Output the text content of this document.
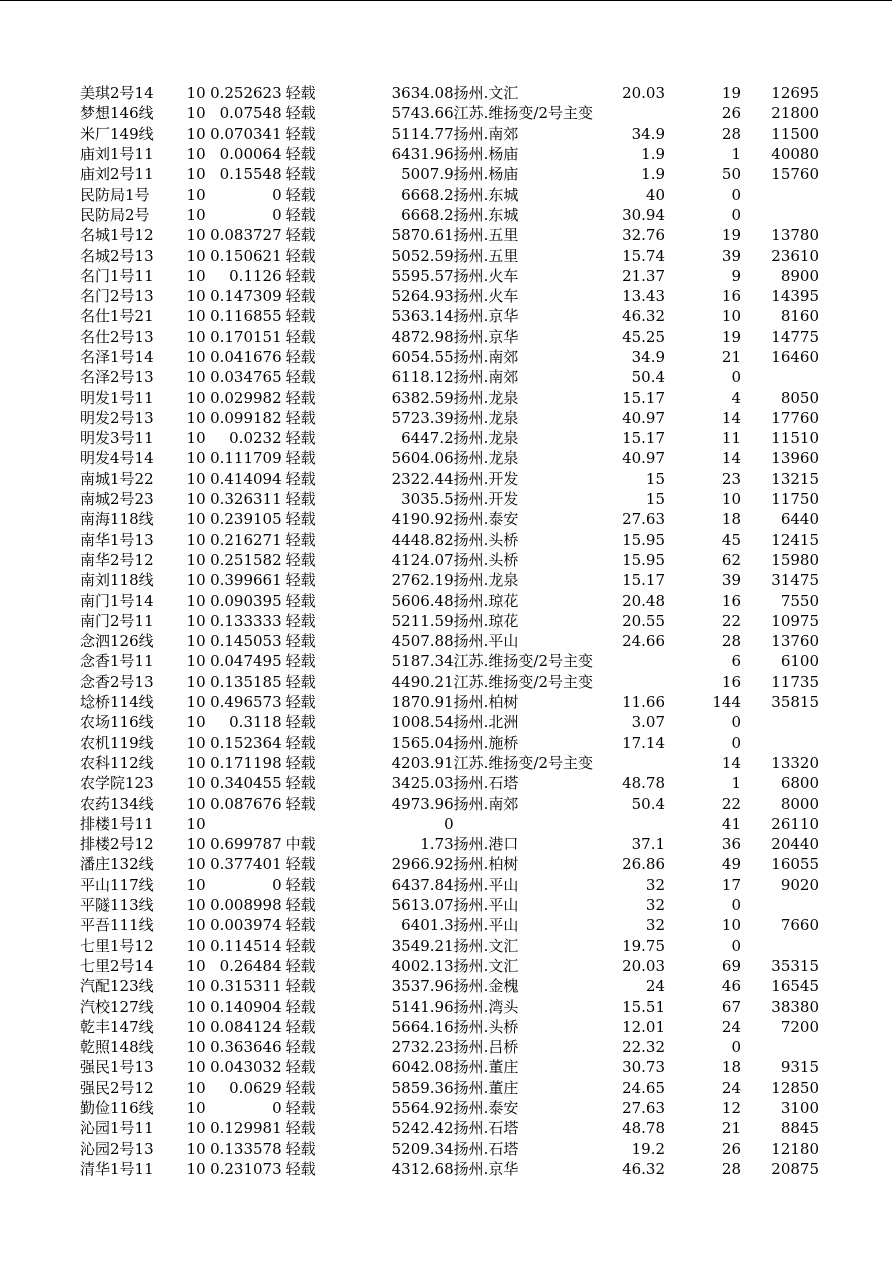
美琪2号14	10	0.252623	轻载	3634.08	扬州.文汇	20.03	19	12695
梦想146线	10	0.07548	轻载	5743.66	江苏.维扬变/2号主变		26	21800
米厂149线	10	0.070341	轻载	5114.77	扬州.南郊	34.9	28	11500
庙刘1号11	10	0.00064	轻载	6431.96	扬州.杨庙	1.9	1	40080
庙刘2号11	10	0.15548	轻载	5007.9	扬州.杨庙	1.9	50	15760
民防局1号	10	0	轻载	6668.2	扬州.东城	40	0	
民防局2号	10	0	轻载	6668.2	扬州.东城	30.94	0	
名城1号12	10	0.083727	轻载	5870.61	扬州.五里	32.76	19	13780
名城2号13	10	0.150621	轻载	5052.59	扬州.五里	15.74	39	23610
名门1号11	10	0.1126	轻载	5595.57	扬州.火车	21.37	9	8900
名门2号13	10	0.147309	轻载	5264.93	扬州.火车	13.43	16	14395
名仕1号21	10	0.116855	轻载	5363.14	扬州.京华	46.32	10	8160
名仕2号13	10	0.170151	轻载	4872.98	扬州.京华	45.25	19	14775
名泽1号14	10	0.041676	轻载	6054.55	扬州.南郊	34.9	21	16460
名泽2号13	10	0.034765	轻载	6118.12	扬州.南郊	50.4	0	
明发1号11	10	0.029982	轻载	6382.59	扬州.龙泉	15.17	4	8050
明发2号13	10	0.099182	轻载	5723.39	扬州.龙泉	40.97	14	17760
明发3号11	10	0.0232	轻载	6447.2	扬州.龙泉	15.17	11	11510
明发4号14	10	0.111709	轻载	5604.06	扬州.龙泉	40.97	14	13960
南城1号22	10	0.414094	轻载	2322.44	扬州.开发	15	23	13215
南城2号23	10	0.326311	轻载	3035.5	扬州.开发	15	10	11750
南海118线	10	0.239105	轻载	4190.92	扬州.泰安	27.63	18	6440
南华1号13	10	0.216271	轻载	4448.82	扬州.头桥	15.95	45	12415
南华2号12	10	0.251582	轻载	4124.07	扬州.头桥	15.95	62	15980
南刘118线	10	0.399661	轻载	2762.19	扬州.龙泉	15.17	39	31475
南门1号14	10	0.090395	轻载	5606.48	扬州.琼花	20.48	16	7550
南门2号11	10	0.133333	轻载	5211.59	扬州.琼花	20.55	22	10975
念泗126线	10	0.145053	轻载	4507.88	扬州.平山	24.66	28	13760
念香1号11	10	0.047495	轻载	5187.34	江苏.维扬变/2号主变		6	6100
念香2号13	10	0.135185	轻载	4490.21	江苏.维扬变/2号主变		16	11735
埝桥114线	10	0.496573	轻载	1870.91	扬州.柏树	11.66	144	35815
农场116线	10	0.3118	轻载	1008.54	扬州.北洲	3.07	0	
农机119线	10	0.152364	轻载	1565.04	扬州.施桥	17.14	0	
农科112线	10	0.171198	轻载	4203.91	江苏.维扬变/2号主变		14	13320
农学院123	10	0.340455	轻载	3425.03	扬州.石塔	48.78	1	6800
农药134线	10	0.087676	轻载	4973.96	扬州.南郊	50.4	22	8000
排楼1号11	10			0			41	26110
排楼2号12	10	0.699787	中载	1.73	扬州.港口	37.1	36	20440
潘庄132线	10	0.377401	轻载	2966.92	扬州.柏树	26.86	49	16055
平山117线	10	0	轻载	6437.84	扬州.平山	32	17	9020
平隧113线	10	0.008998	轻载	5613.07	扬州.平山	32	0	
平吾111线	10	0.003974	轻载	6401.3	扬州.平山	32	10	7660
七里1号12	10	0.114514	轻载	3549.21	扬州.文汇	19.75	0	
七里2号14	10	0.26484	轻载	4002.13	扬州.文汇	20.03	69	35315
汽配123线	10	0.315311	轻载	3537.96	扬州.金槐	24	46	16545
汽校127线	10	0.140904	轻载	5141.96	扬州.湾头	15.51	67	38380
乾丰147线	10	0.084124	轻载	5664.16	扬州.头桥	12.01	24	7200
乾照148线	10	0.363646	轻载	2732.23	扬州.吕桥	22.32	0	
强民1号13	10	0.043032	轻载	6042.08	扬州.董庄	30.73	18	9315
强民2号12	10	0.0629	轻载	5859.36	扬州.董庄	24.65	24	12850
勤俭116线	10	0	轻载	5564.92	扬州.泰安	27.63	12	3100
沁园1号11	10	0.129981	轻载	5242.42	扬州.石塔	48.78	21	8845
沁园2号13	10	0.133578	轻载	5209.34	扬州.石塔	19.2	26	12180
清华1号11	10	0.231073	轻载	4312.68	扬州.京华	46.32	28	20875
